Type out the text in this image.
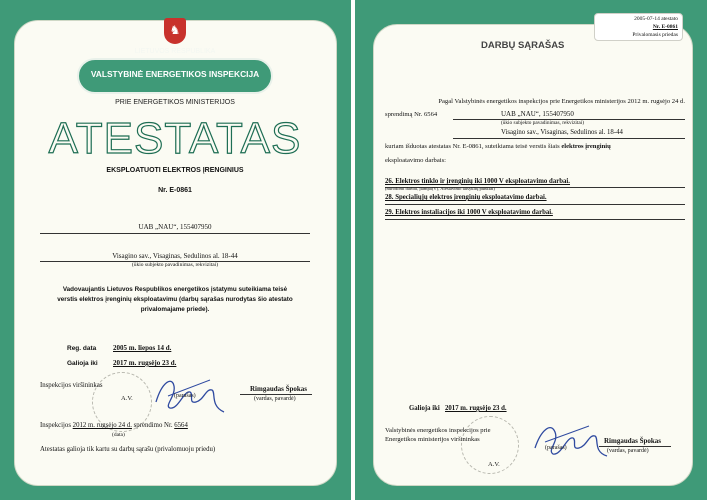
♞
LIETUVOS RESPUBLIKA
VALSTYBINĖ ENERGETIKOS INSPEKCIJA
PRIE ENERGETIKOS MINISTERIJOS
ATESTATAS
EKSPLOATUOTI ELEKTROS ĮRENGINIUS
Nr. E-0861
UAB „NAU“, 155407950
Visagino sav., Visaginas, Sedulinos al. 18-44
(ūkio subjekto pavadinimas, rekvizitai)
Vadovaujantis Lietuvos Respublikos energetikos įstatymu suteikiama teisė
verstis elektros įrenginių eksploatavimu (darbų sąrašas nurodytas šio atestato
privalomajame priede).
Reg. data 2005 m. liepos 14 d.
Galioja iki 2017 m. rugsėjo 23 d.
Inspekcijos viršininkas
(parašas)
Rimgaudas Špokas
(vardas, pavardė)
A.V.
Inspekcijos 2012 m. rugsėjo 24 d. sprendimo Nr. 6564
(data)
Atestatas galioja tik kartu su darbų sąrašu (privalomuoju priedu)
2005-07-14 atestato
Nr. E-0861
Privalomasis priedas
DARBŲ SĄRAŠAS
Pagal Valstybinės energetikos inspekcijos prie Energetikos ministerijos 2012 m. rugsėjo 24 d.
sprendimą Nr. 6564	UAB „NAU“, 155407950
(ūkio subjekto pavadinimas, rekvizitai)
Visagino sav., Visaginas, Sedulinos al. 18-44
kuriam išduotas atestatas Nr. E-0861, suteikiama teisė verstis šiais elektros įrenginių
eksploatavimo darbais:
26. Elektros tinklo ir įrenginių iki 1000 V eksploatavimo darbai.
(nurodomi darbai, įtampa(V), Atestavimo taisyklių punktai)
28. Specialiųjų elektros įrenginių eksploatavimo darbai.
29. Elektros instaliacijos iki 1000 V eksploatavimo darbai.
Galioja iki 2017 m. rugsėjo 23 d.
Valstybinės energetikos inspekcijos prie
Energetikos ministerijos viršininkas
(parašas)
Rimgaudas Špokas
(vardas, pavardė)
A.V.
